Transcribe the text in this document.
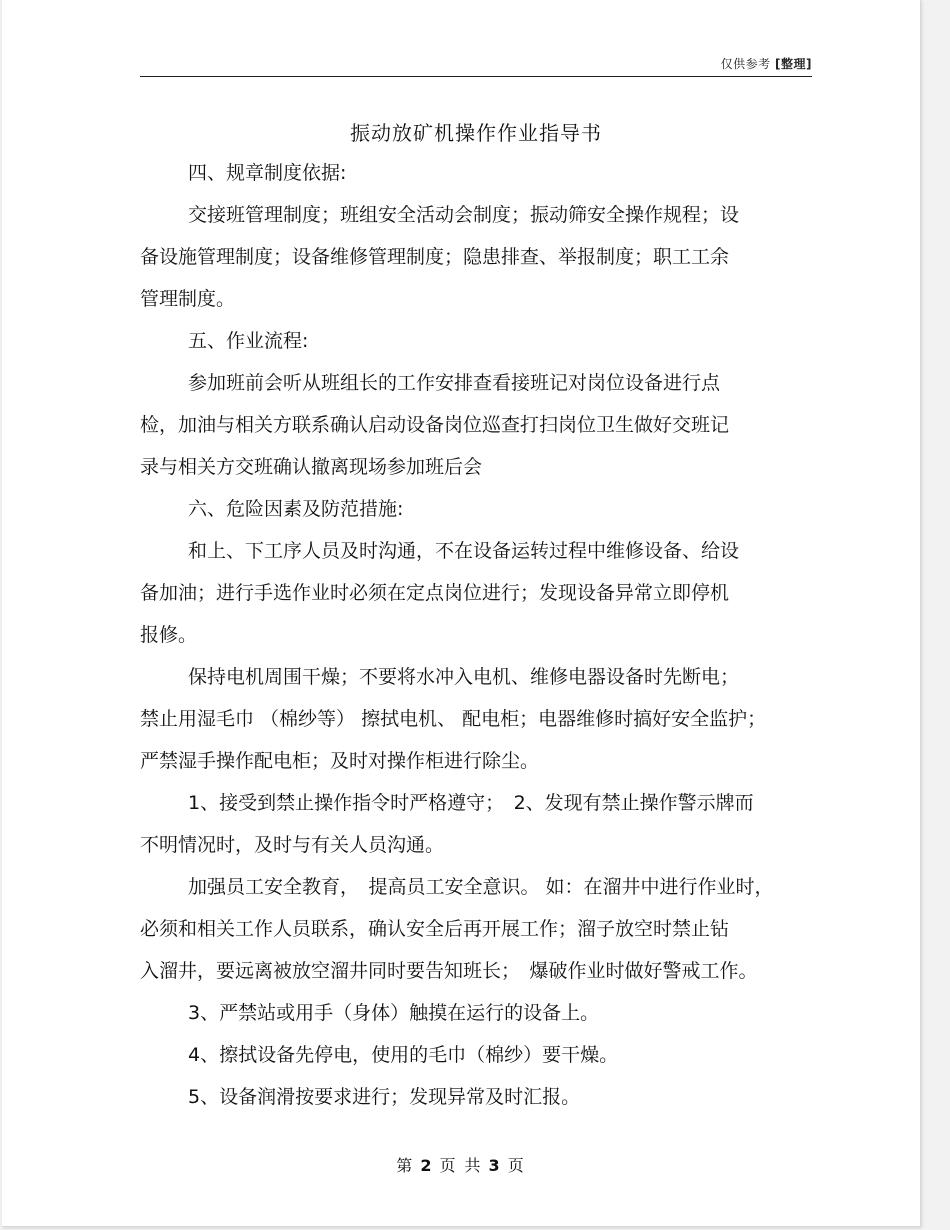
仅供参考 [整理]
振动放矿机操作作业指导书
四、规章制度依据:
交接班管理制度；班组安全活动会制度；振动筛安全操作规程；设
备设施管理制度；设备维修管理制度；隐患排查、举报制度；职工工余
管理制度。
五、作业流程:
参加班前会听从班组长的工作安排查看接班记对岗位设备进行点
检，加油与相关方联系确认启动设备岗位巡查打扫岗位卫生做好交班记
录与相关方交班确认撤离现场参加班后会
六、危险因素及防范措施:
和上、下工序人员及时沟通，不在设备运转过程中维修设备、给设
备加油；进行手选作业时必须在定点岗位进行；发现设备异常立即停机
报修。
保持电机周围干燥；不要将水冲入电机、维修电器设备时先断电；
禁止用湿毛巾 （棉纱等） 擦拭电机、 配电柜；电器维修时搞好安全监护；
严禁湿手操作配电柜；及时对操作柜进行除尘。
1、接受到禁止操作指令时严格遵守；　2、发现有禁止操作警示牌而
不明情况时，及时与有关人员沟通。
加强员工安全教育，　提高员工安全意识。 如：在溜井中进行作业时，
必须和相关工作人员联系，确认安全后再开展工作；溜子放空时禁止钻
入溜井，要远离被放空溜井同时要告知班长；　爆破作业时做好警戒工作。
3、严禁站或用手（身体）触摸在运行的设备上。
4、擦拭设备先停电，使用的毛巾（棉纱）要干燥。
5、设备润滑按要求进行；发现异常及时汇报。
第 2 页 共 3 页
